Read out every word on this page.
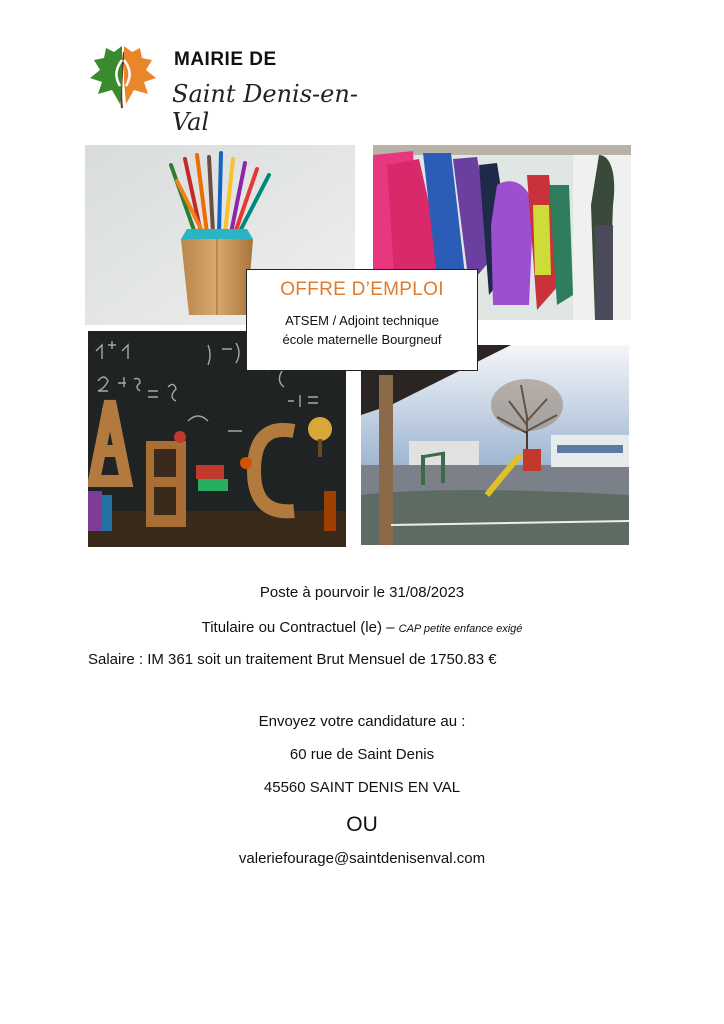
MAIRIE DE
Saint Denis-en-Val
OFFRE D’EMPLOI
ATSEM / Adjoint technique
école maternelle Bourgneuf
Poste à pourvoir le 31/08/2023
Titulaire ou Contractuel (le) – CAP petite enfance exigé
Salaire : IM 361 soit un traitement Brut Mensuel de 1750.83 €
Envoyez votre candidature au :
60 rue de Saint Denis
45560 SAINT DENIS EN VAL
OU
valeriefourage@saintdenisenval.com
